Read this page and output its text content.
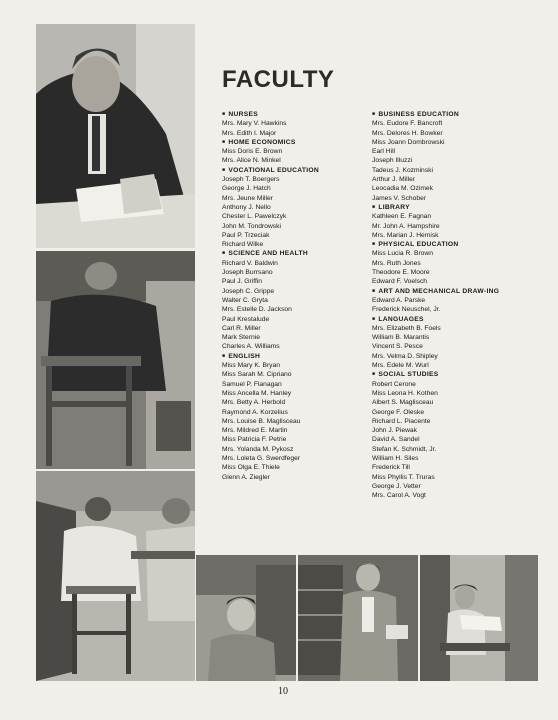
FACULTY
■ NURSES
Mrs. Mary V. Hawkins
Mrs. Edith I. Major
■ HOME ECONOMICS
Miss Doris E. Brown
Mrs. Alice N. Minkel
■ VOCATIONAL EDUCATION
Joseph T. Boergers
George J. Hatch
Mrs. Jeune Miller
Anthony J. Nello
Chester L. Pawelczyk
John M. Tondrowski
Paul P. Trzeciak
Richard Wilke
■ SCIENCE AND HEALTH
Richard V. Baldwin
Joseph Burrsano
Paul J. Griffin
Joseph C. Grippe
Walter C. Gryta
Mrs. Estelle D. Jackson
Paul Krestalude
Carl R. Miller
Mark Sternie
Charles A. Williams
■ ENGLISH
Miss Mary K. Bryan
Miss Sarah M. Cipriano
Samuel P. Flanagan
Miss Ancella M. Hanley
Mrs. Betty A. Herbold
Raymond A. Korzelius
Mrs. Louise B. Maglisceau
Mrs. Mildred E. Martin
Miss Patricia F. Petrie
Mrs. Yolanda M. Pykosz
Mrs. Loleta G. Swerdfeger
Miss Olga E. Thiele
Glenn A. Ziegler
■ BUSINESS EDUCATION
Mrs. Eudore F. Bancroft
Mrs. Delores H. Bowker
Miss Joann Dombrowski
Earl Hill
Joseph Illuzzi
Tadeus J. Kozminski
Arthur J. Miller
Leocadia M. Ozimek
James V. Schober
■ LIBRARY
Kathleen E. Fagnan
Mr. John A. Hampshire
Mrs. Marian J. Hemisk
■ PHYSICAL EDUCATION
Miss Lucia R. Brown
Mrs. Ruth Jones
Theodore E. Moore
Edward F. Voelsch
■ ART AND MECHANICAL DRAW-ING
Edward A. Parske
Frederick Neuschel, Jr.
■ LANGUAGES
Mrs. Elizabeth B. Foels
William B. Marantis
Vincent S. Pesce
Mrs. Velma D. Shipley
Mrs. Edele M. Wurl
■ SOCIAL STUDIES
Robert Cerone
Miss Leona H. Kothen
Albert S. Maglisceau
George F. Oleske
Richard L. Piacente
John J. Piewak
David A. Sandel
Stefan K. Schmidt, Jr.
William H. Siles
Frederick Till
Miss Phyllis T. Truras
George J. Vetter
Mrs. Carol A. Vogt
10
